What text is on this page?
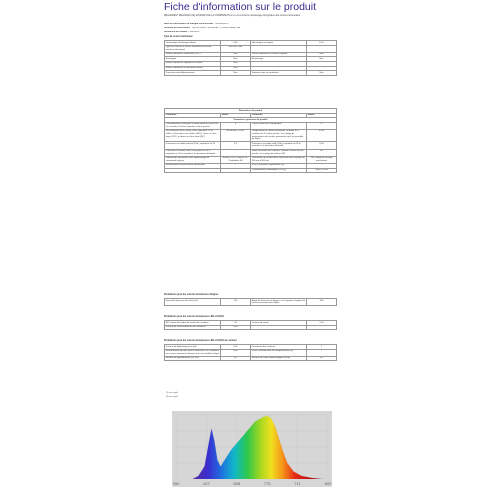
Fiche d'information sur le produit
RÈGLEMENT DÉLÉGUÉ (UE) 2019/2015 DE LA COMMISSION en ce qui concerne l'étiquetage énergétique des sources lumineuses
Nom du fournisseur ou marque commerciale : TALKALIGHT
Adresse du fournisseur : TopTrof GmbH, Zimmerstr. 3, 41464 Neuss, DE
Référence du modèle : TAK525-1
Type de source lumineuse
Technologie d'éclairage utilisée	LED	Non dirigée ou dirigée	DLS
Type de culot de la source lumineuse (ou autre interface électrique)	GU10/E27/Bo		
Source lumineuse connectée (SLC)	Non	Source lumineuse à couleur réglable	Non
Enveloppe	Non	Écoclairage	Non
Source lumineuse réglable en couleur	Non		
Source lumineuse à luminance élevée	Non		
Protection anti-éblouissement	Non	Variateur avec un gradateur	Non
Paramètres du produit			
Paramètre	Valeur	Paramètre	Valeur
Paramètres généraux du produit			
Consommation d'énergie en mode marche (kWh/1000 h), arrondie à l'entier supérieur le plus proche	8	Classe d'efficacité énergétique	G
Flux lumineux utile (Φuse), avec indication s'il se réfère au flux dans une sphère (360°), dans un cône large (120°) ou dans un cône étroit (90°)	180 lm/360° à 360°	Température de couleur proximale, arrondie à la centaine de K la plus proche, ou la plage de températures de couleur proximales qu'il est possible de régler	3 000
Puissance en mode marche (Pon), exprimée en W	2,5	Puissance en mode veille (Psb), exprimée en W et arrondie à la deuxième décimale	0,00
Puissance en mode veille (Pnet) pour les SLC, exprimée en W et arrondie à la deuxième décimale	-	Indice de rendu des couleurs, arrondi à l'entier le plus proche, ou la plage de valeurs IRC	80
Dimensions extérieures hors appareillage de commande séparé	Hauteur 100 / Largeur 59 / Profondeur 48	Distribution de la puissance spectrale dans la plage de 250 nm à 800 nm	Voir l'image de la page précédente
Revendication de puissance équivalente	-	Si oui, puissance équivalente (W)	-
		Coordonnées chromatiques (x et y)	0,440 / 0,403
Paramètres pour les sources lumineuses dirigées
Intensité lumineuse de crête (cd)	126	Angle de faisceau en degrés, ou la gamme d'angles de faisceau pouvant être réglés	360
Paramètres pour les sources lumineuses LED et OLED
IRC valeur de l'indice de rendu des couleurs	24	Facteur de survie	1,00
Facteur de conservation du flux lumineux	0,96		
Paramètres pour les sources lumineuses LED et OLED sur secteur
Facteur de déphasage (cos φ1)	0,50	Constance des couleurs	2
Revendication qu'une source lumineuse LED remplace une source lumineuse fluorescente sans ballast intégré	Non	Si oui, revendication de remplacement (W)	-
Mesure du papillotement (Pst LM)	0,1	Mesure de l'effet stroboscopique (SVM)	0,4
(¹) non réglé
(²) non réglé
350	427	508	775	711	800
